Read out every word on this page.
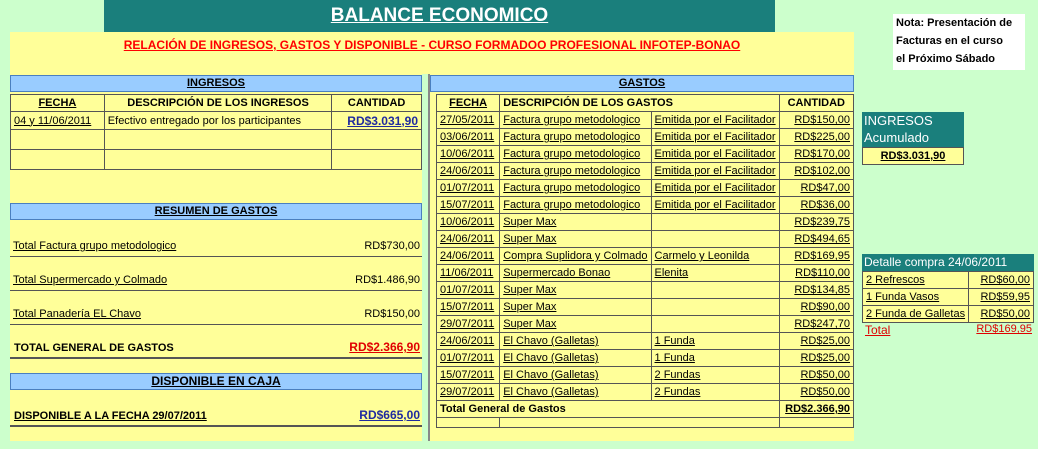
BALANCE ECONOMICO
RELACIÓN DE INGRESOS, GASTOS Y DISPONIBLE - CURSO FORMADOO PROFESIONAL INFOTEP-BONAO
Nota: Presentación de
Facturas en el curso
el Próximo Sábado
INGRESOS
FECHA	DESCRIPCIÓN DE LOS INGRESOS	CANTIDAD
04 y 11/06/2011	Efectivo entregado por los participantes	RD$3.031,90

RESUMEN DE GASTOS
Total Factura grupo metodologico	RD$730,00
Total Supermercado y Colmado	RD$1.486,90
Total Panadería EL Chavo	RD$150,00
TOTAL GENERAL DE GASTOS	RD$2.366,90
DISPONIBLE EN CAJA
DISPONIBLE A LA FECHA 29/07/2011	RD$665,00
GASTOS
FECHA	DESCRIPCIÓN DE LOS GASTOS		CANTIDAD
27/05/2011	Factura grupo metodologico	Emitida por el Facilitador	RD$150,00
03/06/2011	Factura grupo metodologico	Emitida por el Facilitador	RD$225,00
10/06/2011	Factura grupo metodologico	Emitida por el Facilitador	RD$170,00
24/06/2011	Factura grupo metodologico	Emitida por el Facilitador	RD$102,00
01/07/2011	Factura grupo metodologico	Emitida por el Facilitador	RD$47,00
15/07/2011	Factura grupo metodologico	Emitida por el Facilitador	RD$36,00
10/06/2011	Super Max		RD$239,75
24/06/2011	Super Max		RD$494,65
24/06/2011	Compra Suplidora y Colmado	Carmelo y Leonilda	RD$169,95
11/06/2011	Supermercado Bonao	Elenita	RD$110,00
01/07/2011	Super Max		RD$134,85
15/07/2011	Super Max		RD$90,00
29/07/2011	Super Max		RD$247,70
24/06/2011	El Chavo (Galletas)	1 Funda	RD$25,00
01/07/2011	El Chavo (Galletas)	1 Funda	RD$25,00
15/07/2011	El Chavo (Galletas)	2 Fundas	RD$50,00
29/07/2011	El Chavo (Galletas)	2 Fundas	RD$50,00
Total General de Gastos			RD$2.366,90

INGRESOS
Acumulado
RD$3.031,90
Detalle compra 24/06/2011
2 Refrescos	RD$60,00
1 Funda Vasos	RD$59,95
2 Funda de Galletas	RD$50,00
Total	RD$169,95
